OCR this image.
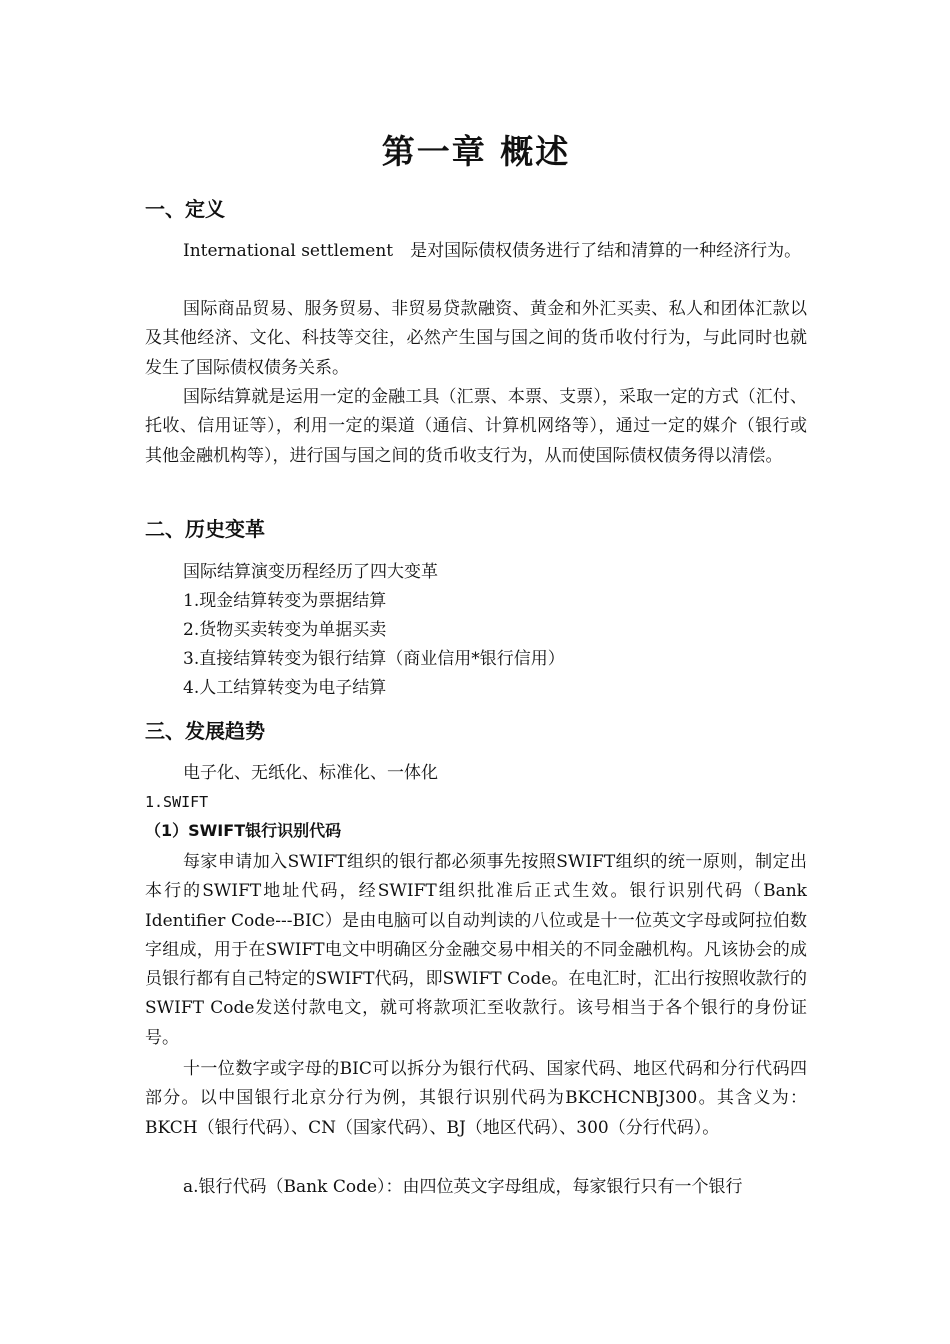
第一章 概述
一、定义

International settlement　是对国际债权债务进行了结和清算的一种经济行为。

国际商品贸易、服务贸易、非贸易贷款融资、黄金和外汇买卖、私人和团体汇款以及其他经济、文化、科技等交往，必然产生国与国之间的货币收付行为，与此同时也就发生了国际债权债务关系。

国际结算就是运用一定的金融工具（汇票、本票、支票），采取一定的方式（汇付、托收、信用证等），利用一定的渠道（通信、计算机网络等），通过一定的媒介（银行或其他金融机构等），进行国与国之间的货币收支行为，从而使国际债权债务得以清偿。

二、历史变革

国际结算演变历程经历了四大变革

1.现金结算转变为票据结算

2.货物买卖转变为单据买卖

3.直接结算转变为银行结算（商业信用*银行信用）

4.人工结算转变为电子结算

三、发展趋势

电子化、无纸化、标准化、一体化

1.SWIFT
（1）SWIFT银行识别代码

每家申请加入SWIFT组织的银行都必须事先按照SWIFT组织的统一原则，制定出本行的SWIFT地址代码，经SWIFT组织批准后正式生效。银行识别代码（Bank Identifier Code---BIC）是由电脑可以自动判读的八位或是十一位英文字母或阿拉伯数字组成，用于在SWIFT电文中明确区分金融交易中相关的不同金融机构。凡该协会的成员银行都有自己特定的SWIFT代码，即SWIFT Code。在电汇时，汇出行按照收款行的SWIFT Code发送付款电文，就可将款项汇至收款行。该号相当于各个银行的身份证号。

十一位数字或字母的BIC可以拆分为银行代码、国家代码、地区代码和分行代码四部分。以中国银行北京分行为例，其银行识别代码为BKCHCNBJ300。其含义为：BKCH（银行代码）、CN（国家代码）、BJ（地区代码）、300（分行代码）。

a.银行代码（Bank Code）：由四位英文字母组成，每家银行只有一个银行
